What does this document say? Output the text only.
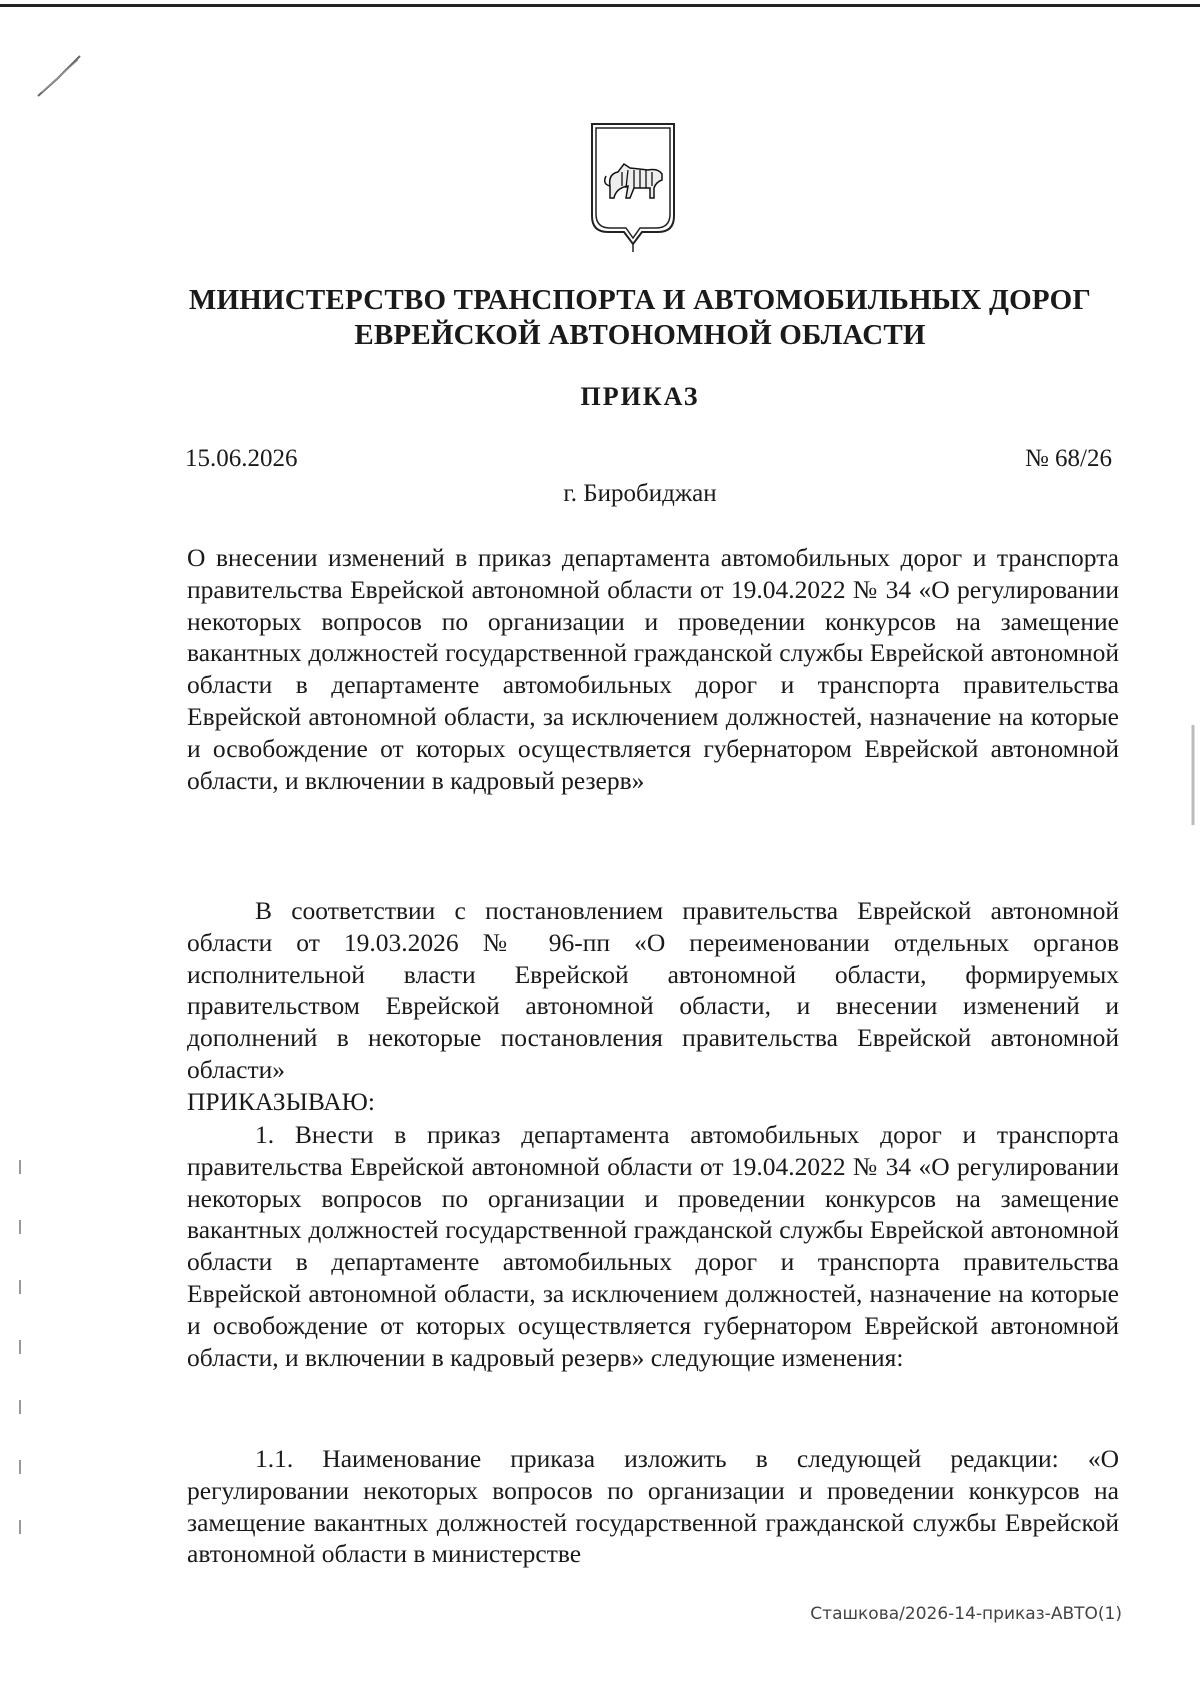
МИНИСТЕРСТВО ТРАНСПОРТА И АВТОМОБИЛЬНЫХ ДОРОГ
ЕВРЕЙСКОЙ АВТОНОМНОЙ ОБЛАСТИ
ПРИКАЗ
15.06.2026	№ 68/26
г. Биробиджан
О внесении изменений в приказ департамента автомобильных дорог и транспорта правительства Еврейской автономной области от 19.04.2022 № 34 «О регулировании некоторых вопросов по организации и проведении конкурсов на замещение вакантных должностей государственной гражданской службы Еврейской автономной области в департаменте автомобильных дорог и транспорта правительства Еврейской автономной области, за исключением должностей, назначение на которые и освобождение от которых осуществляется губернатором Еврейской автономной области, и включении в кадровый резерв»
В соответствии с постановлением правительства Еврейской автономной области от 19.03.2026 № 96-пп «О переименовании отдельных органов исполнительной власти Еврейской автономной области, формируемых правительством Еврейской автономной области, и внесении изменений и дополнений в некоторые постановления правительства Еврейской автономной области»
ПРИКАЗЫВАЮ:
1. Внести в приказ департамента автомобильных дорог и транспорта правительства Еврейской автономной области от 19.04.2022 № 34 «О регулировании некоторых вопросов по организации и проведении конкурсов на замещение вакантных должностей государственной гражданской службы Еврейской автономной области в департаменте автомобильных дорог и транспорта правительства Еврейской автономной области, за исключением должностей, назначение на которые и освобождение от которых осуществляется губернатором Еврейской автономной области, и включении в кадровый резерв» следующие изменения:
1.1. Наименование приказа изложить в следующей редакции: «О регулировании некоторых вопросов по организации и проведении конкурсов на замещение вакантных должностей государственной гражданской службы Еврейской автономной области в министерстве
Сташкова/2026-14-приказ-АВТО(1)
